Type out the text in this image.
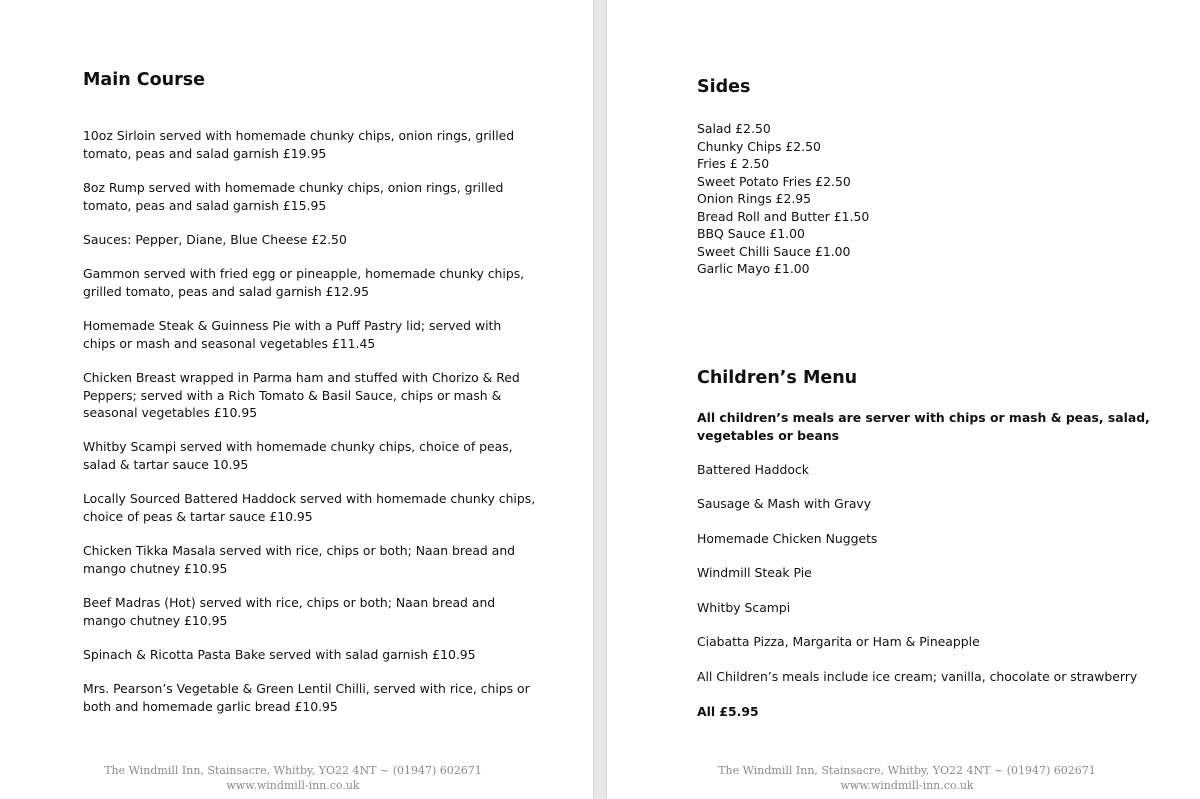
Main Course

10oz Sirloin served with homemade chunky chips, onion rings, grilled
tomato, peas and salad garnish £19.95

8oz Rump served with homemade chunky chips, onion rings, grilled
tomato, peas and salad garnish £15.95

Sauces: Pepper, Diane, Blue Cheese £2.50

Gammon served with fried egg or pineapple, homemade chunky chips,
grilled tomato, peas and salad garnish £12.95

Homemade Steak & Guinness Pie with a Puff Pastry lid; served with
chips or mash and seasonal vegetables £11.45

Chicken Breast wrapped in Parma ham and stuffed with Chorizo & Red
Peppers; served with a Rich Tomato & Basil Sauce, chips or mash &
seasonal vegetables £10.95

Whitby Scampi served with homemade chunky chips, choice of peas,
salad & tartar sauce 10.95

Locally Sourced Battered Haddock served with homemade chunky chips,
choice of peas & tartar sauce £10.95

Chicken Tikka Masala served with rice, chips or both; Naan bread and
mango chutney £10.95

Beef Madras (Hot) served with rice, chips or both; Naan bread and
mango chutney £10.95

Spinach & Ricotta Pasta Bake served with salad garnish £10.95

Mrs. Pearson’s Vegetable & Green Lentil Chilli, served with rice, chips or
both and homemade garlic bread £10.95

The Windmill Inn, Stainsacre, Whitby, YO22 4NT ~ (01947) 602671
www.windmill-inn.co.uk
Sides
Salad £2.50
Chunky Chips £2.50
Fries £ 2.50
Sweet Potato Fries £2.50
Onion Rings £2.95
Bread Roll and Butter £1.50
BBQ Sauce £1.00
Sweet Chilli Sauce £1.00
Garlic Mayo £1.00
Children’s Menu

All children’s meals are server with chips or mash & peas, salad,
vegetables or beans

Battered Haddock

Sausage & Mash with Gravy

Homemade Chicken Nuggets

Windmill Steak Pie

Whitby Scampi

Ciabatta Pizza, Margarita or Ham & Pineapple

All Children’s meals include ice cream; vanilla, chocolate or strawberry

All £5.95

The Windmill Inn, Stainsacre, Whitby, YO22 4NT ~ (01947) 602671
www.windmill-inn.co.uk
